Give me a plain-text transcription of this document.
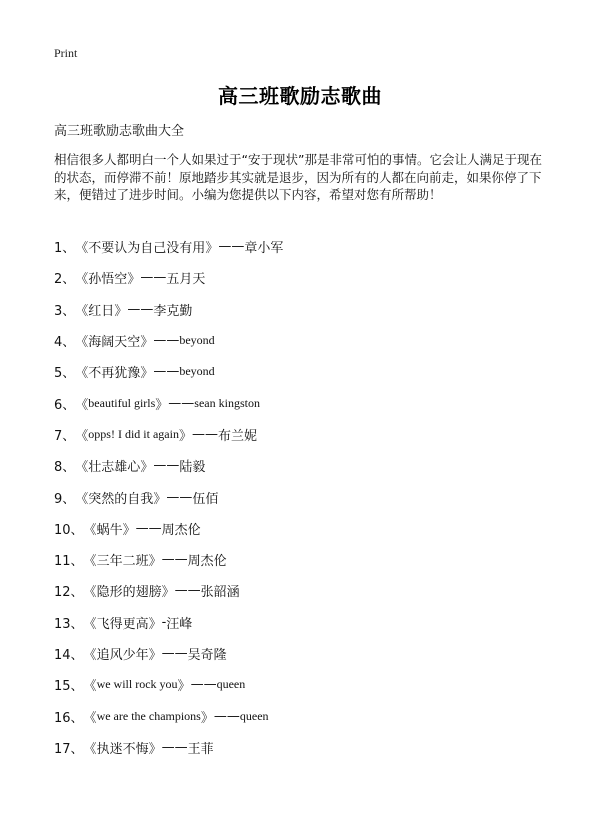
Print
高三班歌励志歌曲
高三班歌励志歌曲大全

相信很多人都明白一个人如果过于“安于现状”那是非常可怕的事情。它会让人满足于现在的状态，而停滞不前！原地踏步其实就是退步，因为所有的人都在向前走，如果你停了下来，便错过了进步时间。小编为您提供以下内容，希望对您有所帮助！

1、 《 不要认为自己没有用 》 —— 章小军
2、 《 孙悟空 》 —— 五月天
3、 《 红日 》 —— 李克勤
4、 《 海阔天空 》 —— beyond
5、 《 不再犹豫 》 —— beyond
6、 《 beautiful girls 》 —— sean kingston
7、 《 opps! I did it again 》 —— 布兰妮
8、 《 壮志雄心 》 —— 陆毅
9、 《 突然的自我 》 —— 伍佰
10、 《 蜗牛 》 —— 周杰伦
11、 《 三年二班 》 —— 周杰伦
12、 《 隐形的翅膀 》 —— 张韶涵
13、 《 飞得更高 》 - 汪峰
14、 《 追风少年 》 —— 吴奇隆
15、 《 we will rock you 》 —— queen
16、 《 we are the champions 》 —— queen
17、 《 执迷不悔 》 —— 王菲
